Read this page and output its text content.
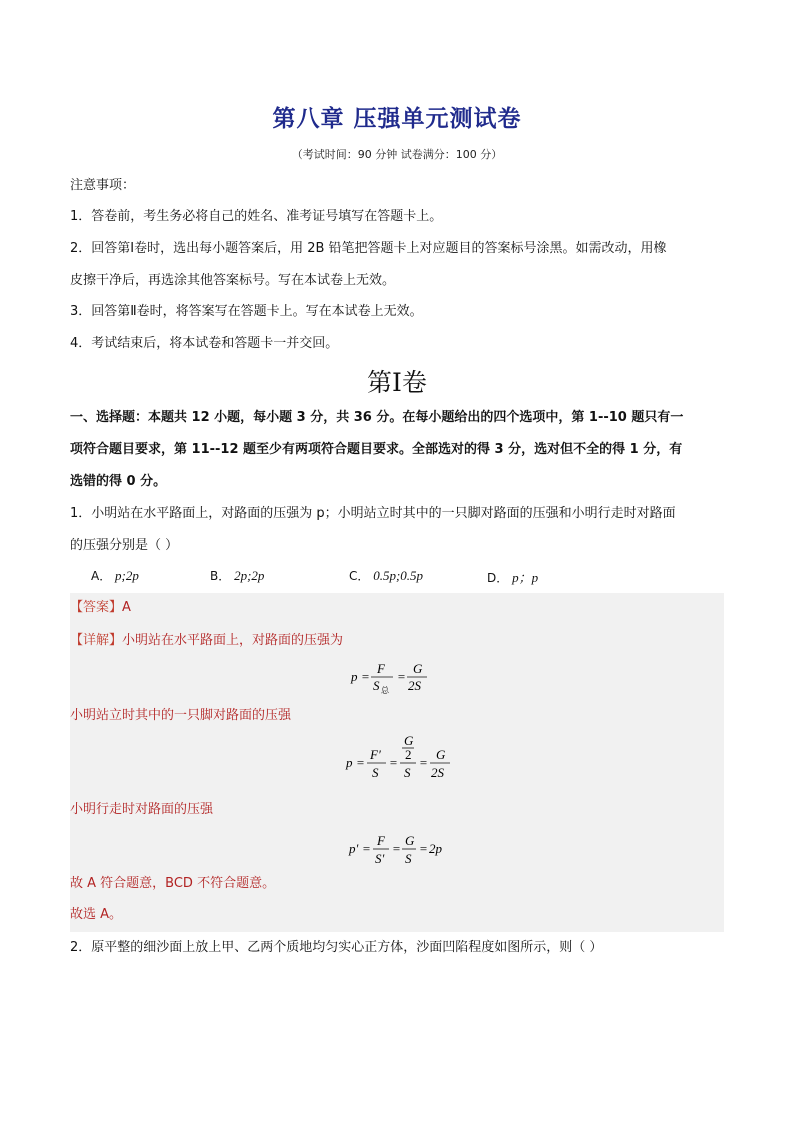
第八章 压强单元测试卷
（考试时间：90 分钟 试卷满分：100 分）
注意事项：
1．答卷前，考生务必将自己的姓名、准考证号填写在答题卡上。
2．回答第Ⅰ卷时，选出每小题答案后，用 2B 铅笔把答题卡上对应题目的答案标号涂黑。如需改动，用橡
皮擦干净后，再选涂其他答案标号。写在本试卷上无效。
3．回答第Ⅱ卷时，将答案写在答题卡上。写在本试卷上无效。
4．考试结束后，将本试卷和答题卡一并交回。
第Ⅰ卷
一、选择题：本题共 12 小题，每小题 3 分，共 36 分。在每小题给出的四个选项中，第 1--10 题只有一
项符合题目要求，第 11--12 题至少有两项符合题目要求。全部选对的得 3 分，选对但不全的得 1 分，有
选错的得 0 分。
1．小明站在水平路面上，对路面的压强为 p；小明站立时其中的一只脚对路面的压强和小明行走时对路面
的压强分别是（ ）
A． p;2p	B． 2p;2p	C． 0.5p;0.5p	D． p；p
【答案】A
【详解】小明站在水平路面上，对路面的压强为
p =
F
S 总
=
G
2S
小明站立时其中的一只脚对路面的压强
p =
F′
S
=
G
2
S
=
G
2S
小明行走时对路面的压强
p′ =
F
S′
=
G
S
= 2p
故 A 符合题意，BCD 不符合题意。
故选 A。
2．原平整的细沙面上放上甲、乙两个质地均匀实心正方体，沙面凹陷程度如图所示，则（ ）
